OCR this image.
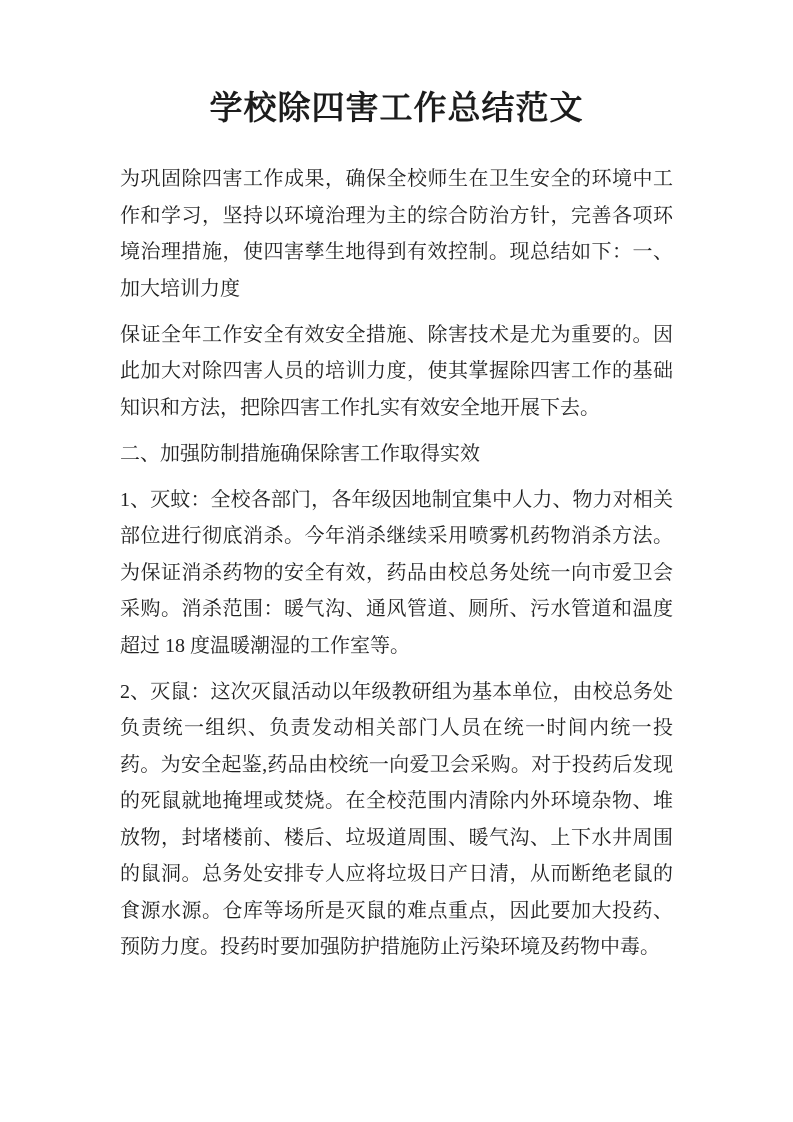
学校除四害工作总结范文

为巩固除四害工作成果，确保全校师生在卫生安全的环境中工作和学习，坚持以环境治理为主的综合防治方针，完善各项环境治理措施，使四害孳生地得到有效控制。现总结如下：一、加大培训力度

保证全年工作安全有效安全措施、除害技术是尤为重要的。因此加大对除四害人员的培训力度，使其掌握除四害工作的基础知识和方法，把除四害工作扎实有效安全地开展下去。

二、加强防制措施确保除害工作取得实效

1、灭蚊：全校各部门，各年级因地制宜集中人力、物力对相关部位进行彻底消杀。今年消杀继续采用喷雾机药物消杀方法。为保证消杀药物的安全有效，药品由校总务处统一向市爱卫会采购。消杀范围：暖气沟、通风管道、厕所、污水管道和温度超过 18 度温暖潮湿的工作室等。

2、灭鼠：这次灭鼠活动以年级教研组为基本单位，由校总务处负责统一组织、负责发动相关部门人员在统一时间内统一投药。为安全起鉴,药品由校统一向爱卫会采购。对于投药后发现的死鼠就地掩埋或焚烧。在全校范围内清除内外环境杂物、堆放物，封堵楼前、楼后、垃圾道周围、暖气沟、上下水井周围的鼠洞。总务处安排专人应将垃圾日产日清，从而断绝老鼠的食源水源。仓库等场所是灭鼠的难点重点，因此要加大投药、预防力度。投药时要加强防护措施防止污染环境及药物中毒。
